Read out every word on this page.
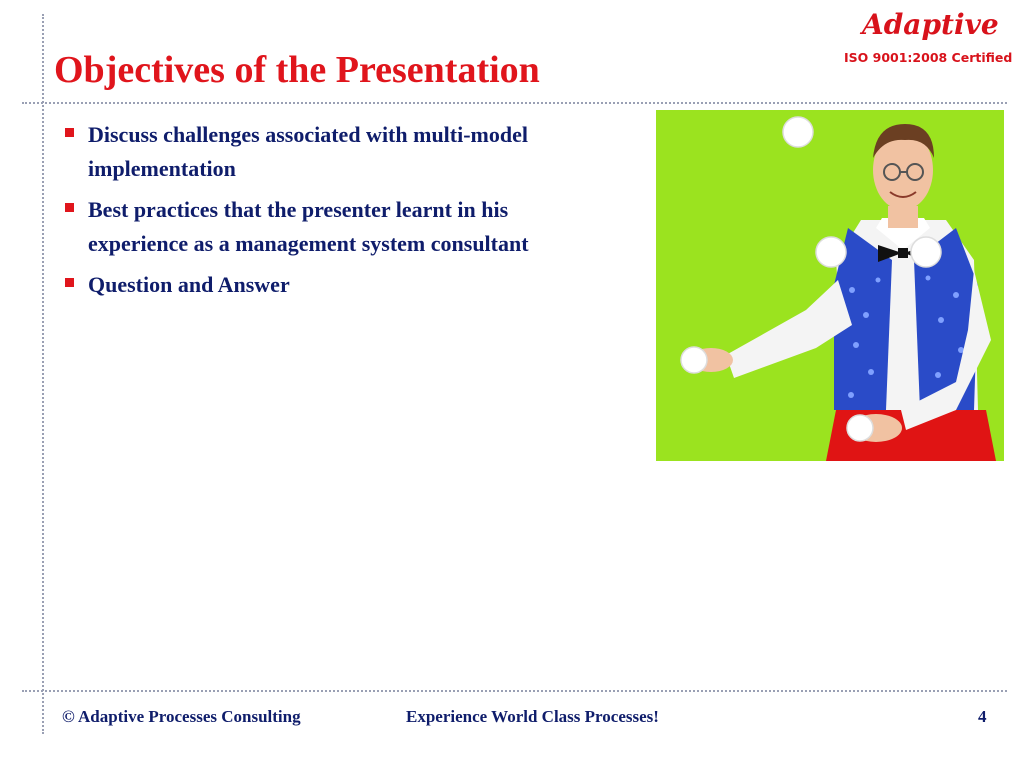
Objectives of the Presentation
Adaptive
ISO 9001:2008 Certified
Discuss challenges associated with multi-model implementation
Best practices that the presenter learnt in his experience as a management system consultant
Question and Answer
© Adaptive Processes Consulting	Experience World Class Processes!	4
